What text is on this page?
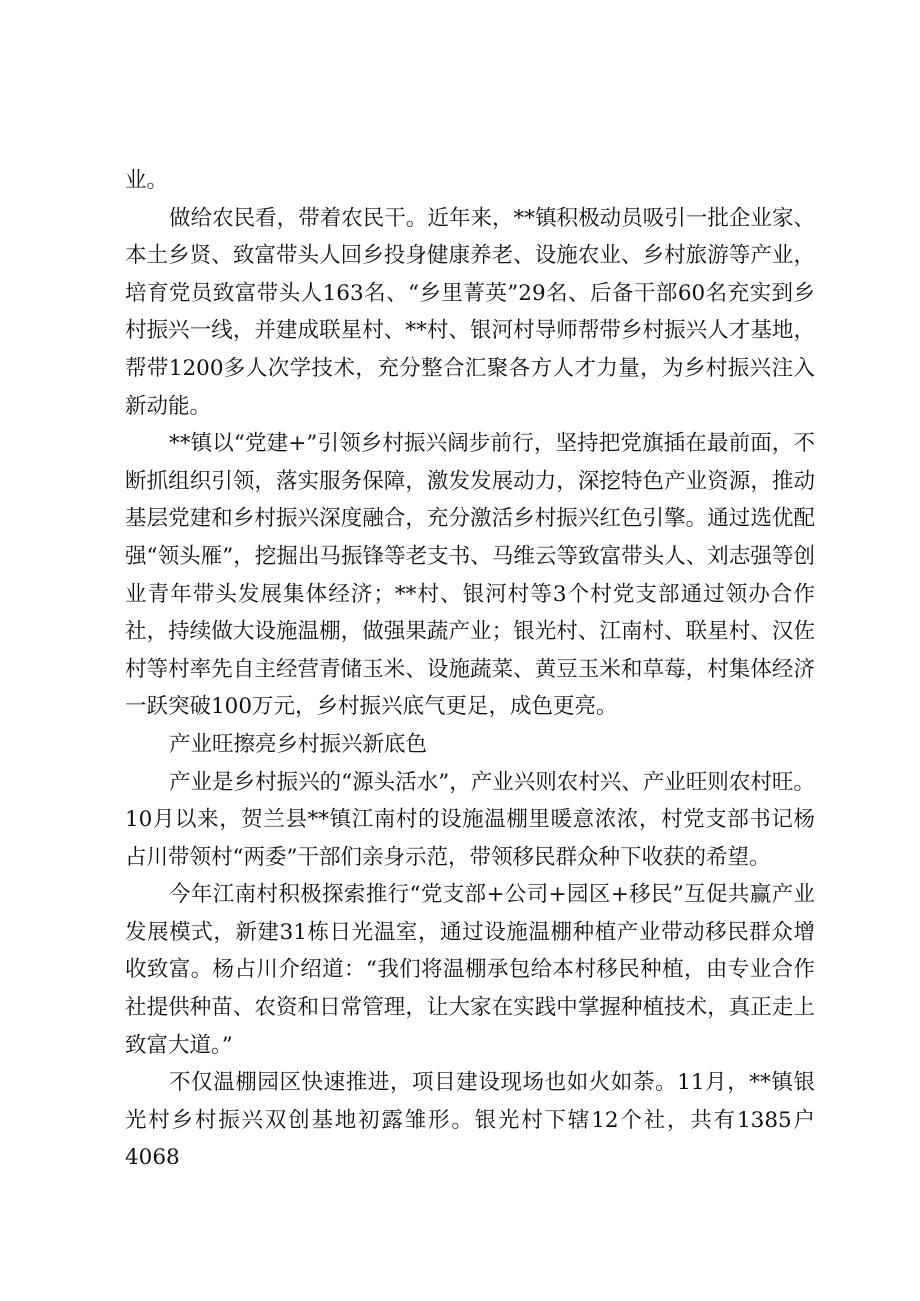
业。

做给农民看，带着农民干。近年来，**镇积极动员吸引一批企业家、本土乡贤、致富带头人回乡投身健康养老、设施农业、乡村旅游等产业，培育党员致富带头人163名、“乡里菁英”29名、后备干部60名充实到乡村振兴一线，并建成联星村、**村、银河村导师帮带乡村振兴人才基地，帮带1200多人次学技术，充分整合汇聚各方人才力量，为乡村振兴注入新动能。

**镇以“党建+”引领乡村振兴阔步前行，坚持把党旗插在最前面，不断抓组织引领，落实服务保障，激发发展动力，深挖特色产业资源，推动基层党建和乡村振兴深度融合，充分激活乡村振兴红色引擎。通过选优配强“领头雁”，挖掘出马振锋等老支书、马维云等致富带头人、刘志强等创业青年带头发展集体经济；**村、银河村等3个村党支部通过领办合作社，持续做大设施温棚，做强果蔬产业；银光村、江南村、联星村、汉佐村等村率先自主经营青储玉米、设施蔬菜、黄豆玉米和草莓，村集体经济一跃突破100万元，乡村振兴底气更足，成色更亮。

产业旺擦亮乡村振兴新底色

产业是乡村振兴的“源头活水”，产业兴则农村兴、产业旺则农村旺。10月以来，贺兰县**镇江南村的设施温棚里暖意浓浓，村党支部书记杨占川带领村“两委”干部们亲身示范，带领移民群众种下收获的希望。

今年江南村积极探索推行“党支部+公司+园区+移民”互促共赢产业发展模式，新建31栋日光温室，通过设施温棚种植产业带动移民群众增收致富。杨占川介绍道：“我们将温棚承包给本村移民种植，由专业合作社提供种苗、农资和日常管理，让大家在实践中掌握种植技术，真正走上致富大道。”

不仅温棚园区快速推进，项目建设现场也如火如荼。11月，**镇银光村乡村振兴双创基地初露雏形。银光村下辖12个社，共有1385户4068
